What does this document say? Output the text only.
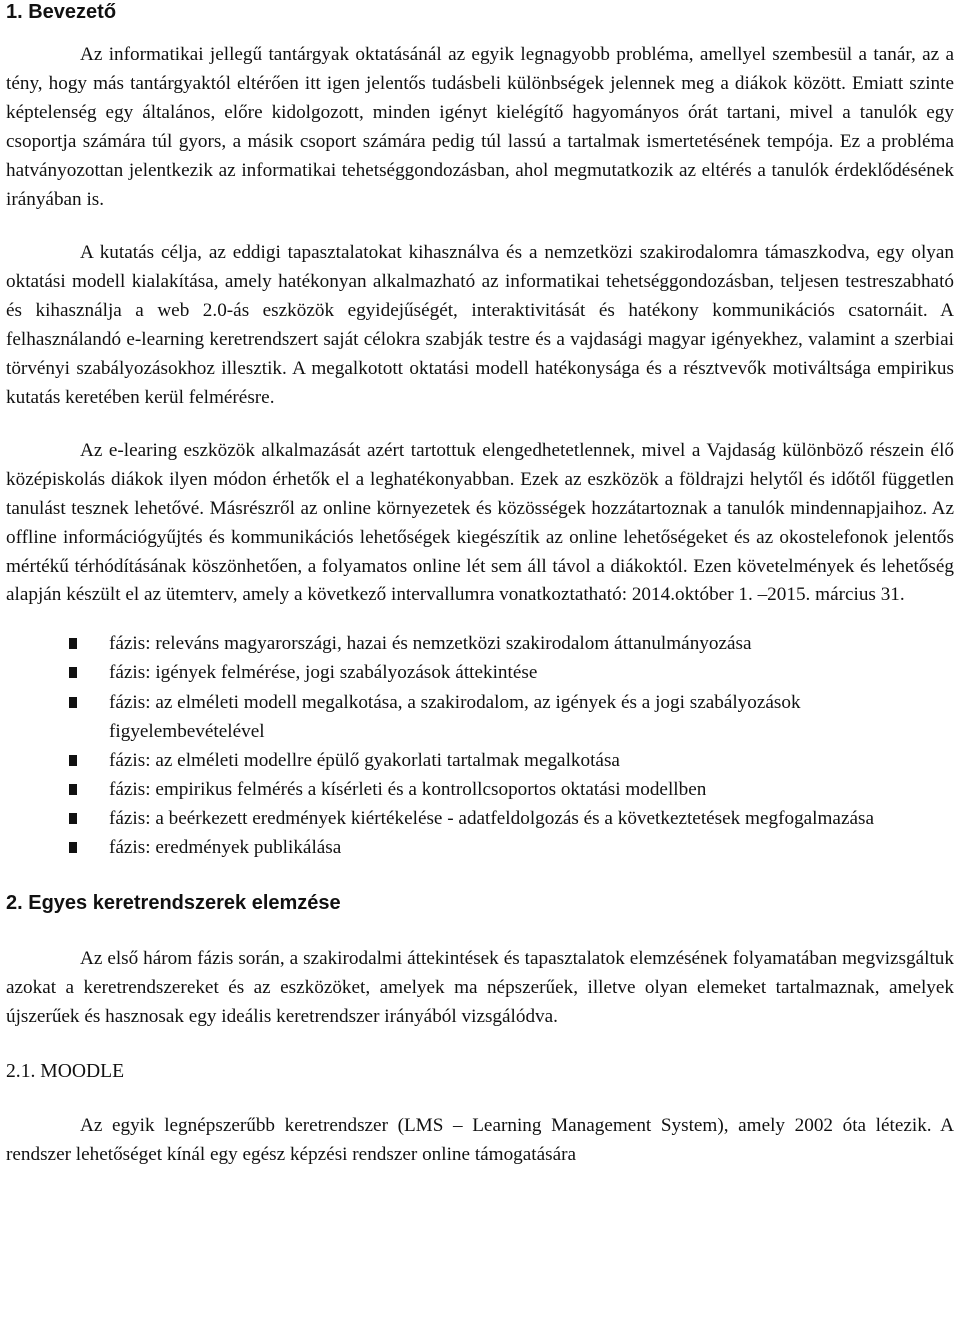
1. Bevezető

Az informatikai jellegű tantárgyak oktatásánál az egyik legnagyobb probléma, amellyel szembesül a tanár, az a tény, hogy más tantárgyaktól eltérően itt igen jelentős tudásbeli különbségek jelennek meg a diákok között. Emiatt szinte képtelenség egy általános, előre kidolgozott, minden igényt kielégítő hagyományos órát tartani, mivel a tanulók egy csoportja számára túl gyors, a másik csoport számára pedig túl lassú a tartalmak ismertetésének tempója. Ez a probléma hatványozottan jelentkezik az informatikai tehetséggondozásban, ahol megmutatkozik az eltérés a tanulók érdeklődésének irányában is.

A kutatás célja, az eddigi tapasztalatokat kihasználva és a nemzetközi szakirodalomra támaszkodva, egy olyan oktatási modell kialakítása, amely hatékonyan alkalmazható az informatikai tehetséggondozásban, teljesen testreszabható és kihasználja a web 2.0-ás eszközök egyidejűségét, interaktivitását és hatékony kommunikációs csatornáit. A felhasználandó e-learning keretrendszert saját célokra szabják testre és a vajdasági magyar igényekhez, valamint a szerbiai törvényi szabályozásokhoz illesztik. A megalkotott oktatási modell hatékonysága és a résztvevők motiváltsága empirikus kutatás keretében kerül felmérésre.

Az e-learing eszközök alkalmazását azért tartottuk elengedhetetlennek, mivel a Vajdaság különböző részein élő középiskolás diákok ilyen módon érhetők el a leghatékonyabban. Ezek az eszközök a földrajzi helytől és időtől független tanulást tesznek lehetővé. Másrészről az online környezetek és közösségek hozzátartoznak a tanulók mindennapjaihoz. Az offline információgyűjtés és kommunikációs lehetőségek kiegészítik az online lehetőségeket és az okostelefonok jelentős mértékű térhódításának köszönhetően, a folyamatos online lét sem áll távol a diákoktól. Ezen követelmények és lehetőség alapján készült el az ütemterv, amely a következő intervallumra vonatkoztatható: 2014.október 1. –2015. március 31.

fázis: releváns magyarországi, hazai és nemzetközi szakirodalom áttanulmányozása
fázis: igények felmérése, jogi szabályozások áttekintése
fázis: az elméleti modell megalkotása, a szakirodalom, az igények és a jogi szabályozások figyelembevételével
fázis: az elméleti modellre épülő gyakorlati tartalmak megalkotása
fázis: empirikus felmérés a kísérleti és a kontrollcsoportos oktatási modellben
fázis: a beérkezett eredmények kiértékelése - adatfeldolgozás és a következtetések megfogalmazása
fázis: eredmények publikálása
2. Egyes keretrendszerek elemzése

Az első három fázis során, a szakirodalmi áttekintések és tapasztalatok elemzésének folyamatában megvizsgáltuk azokat a keretrendszereket és az eszközöket, amelyek ma népszerűek, illetve olyan elemeket tartalmaznak, amelyek újszerűek és hasznosak egy ideális keretrendszer irányából vizsgálódva.

2.1. MOODLE

Az egyik legnépszerűbb keretrendszer (LMS – Learning Management System), amely 2002 óta létezik. A rendszer lehetőséget kínál egy egész képzési rendszer online támogatására
